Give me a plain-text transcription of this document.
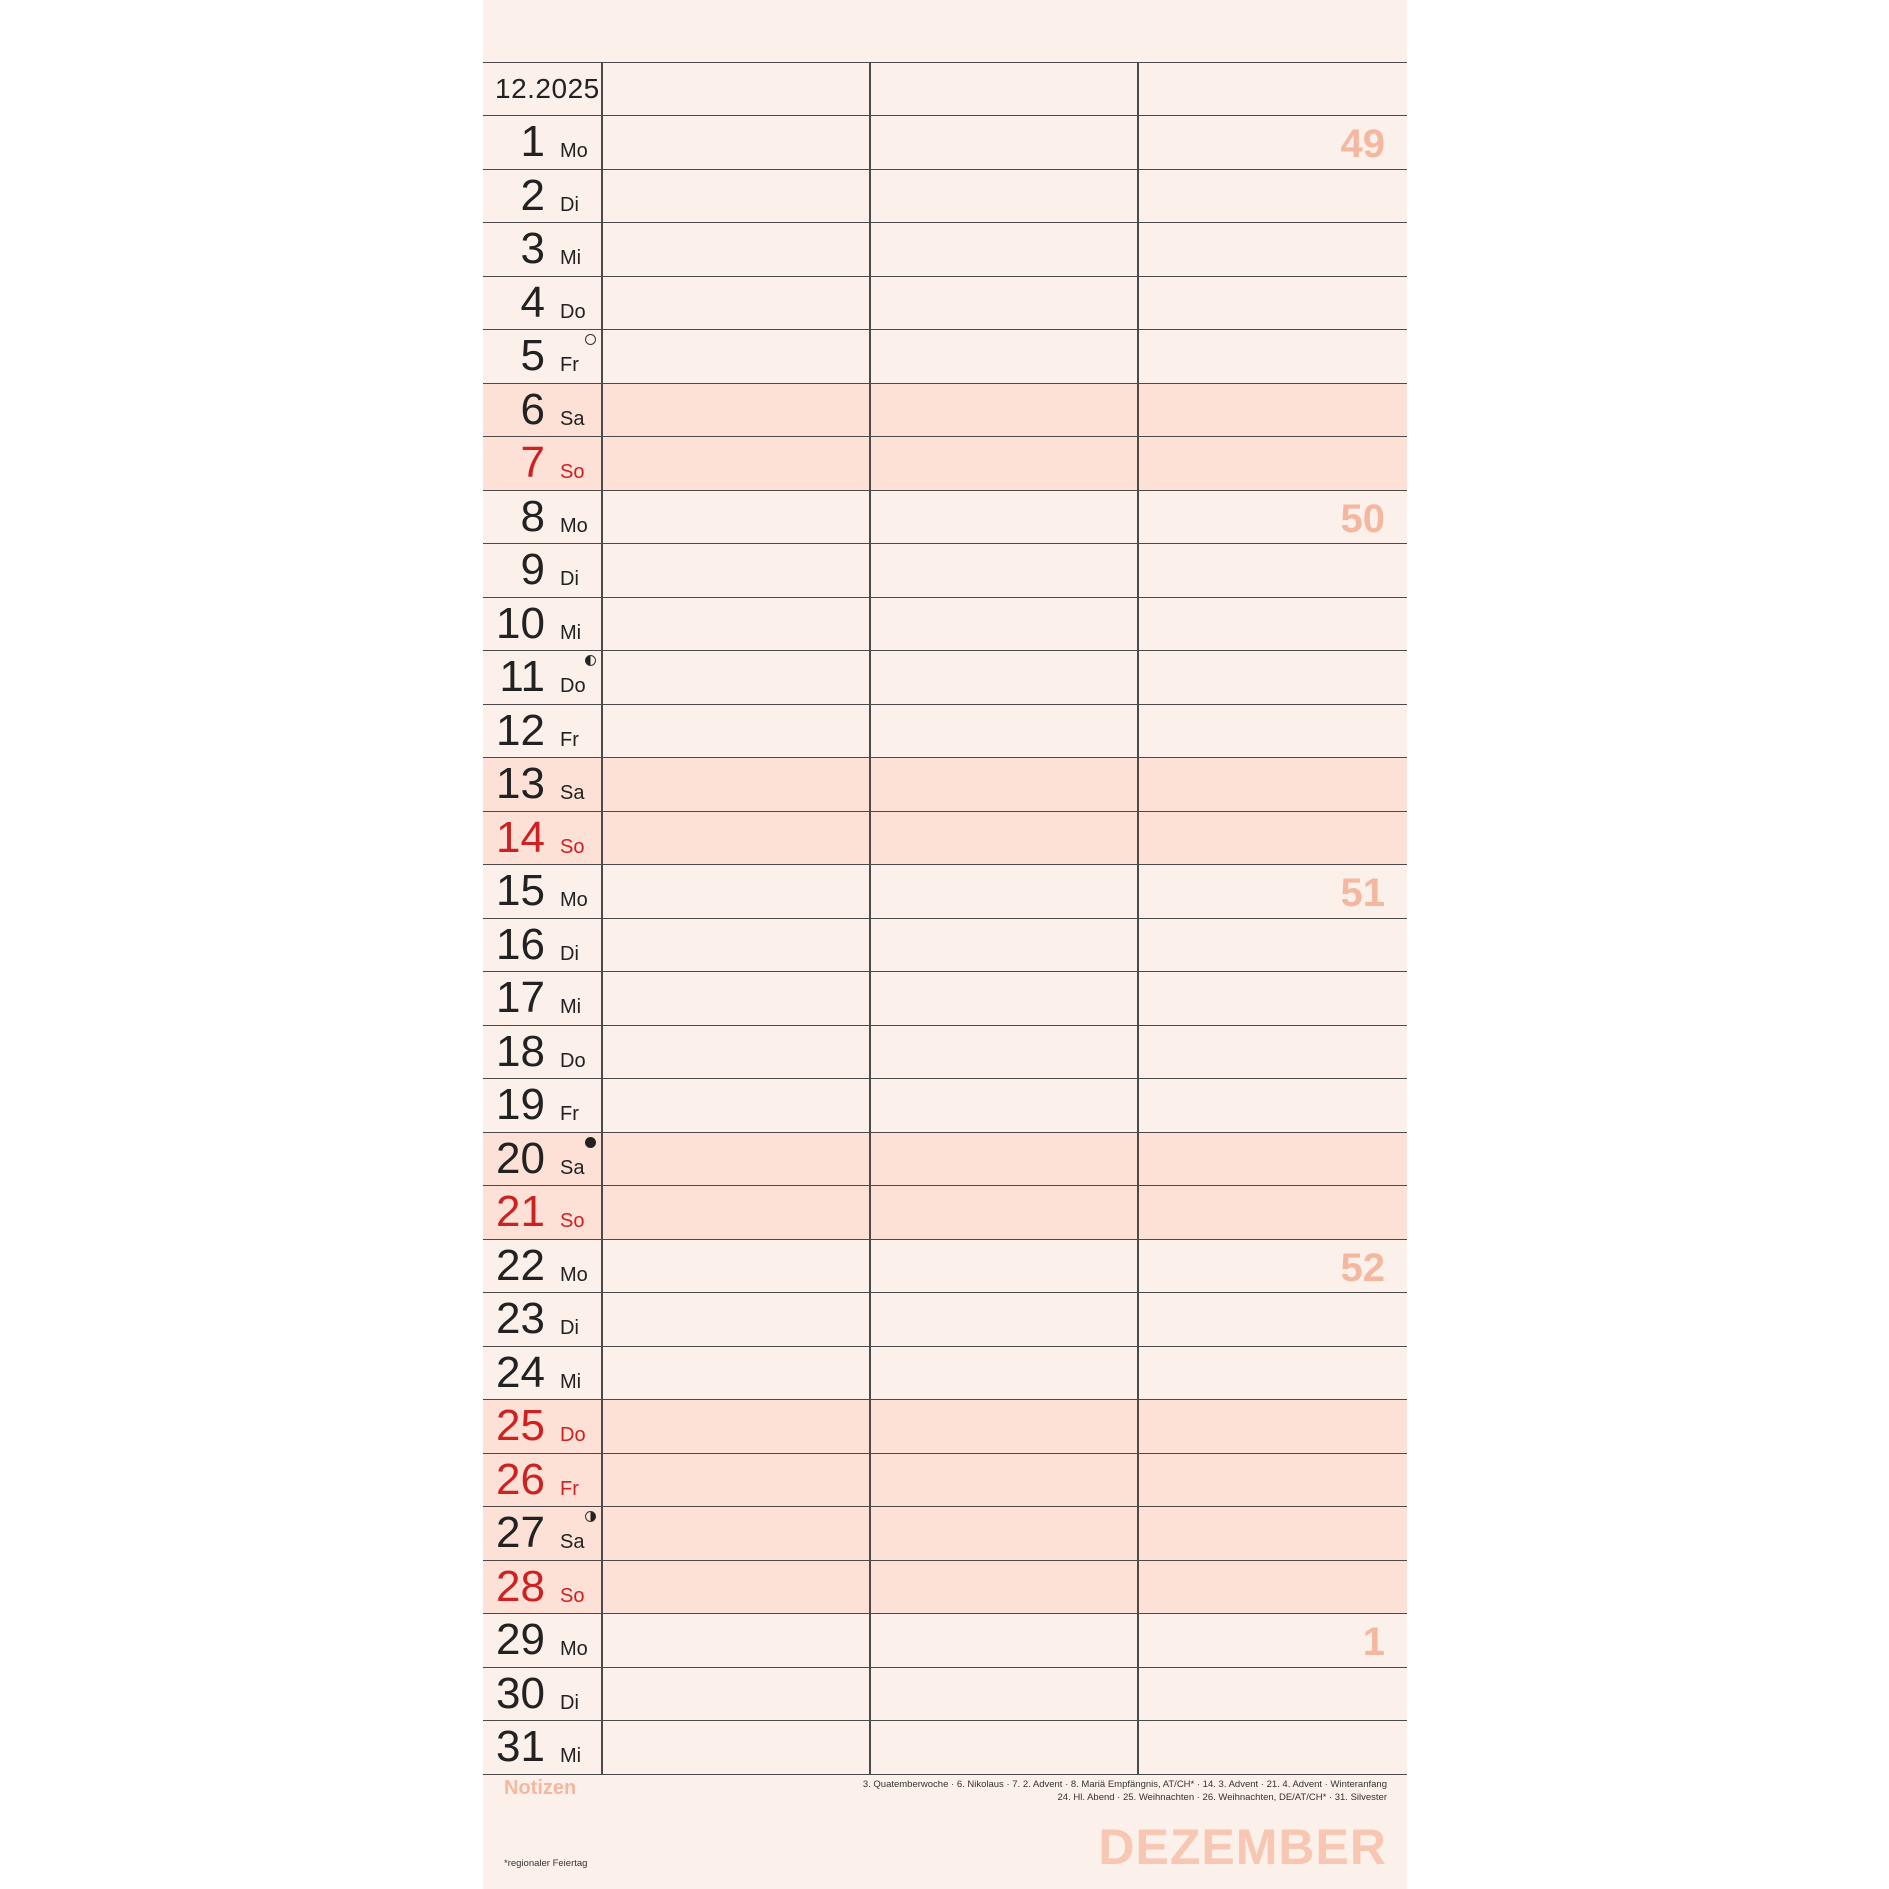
12.2025
1 Mo	49
2 Di
3 Mi
4 Do
5 Fr
6 Sa
7 So
8 Mo	50
9 Di
10 Mi
11 Do
12 Fr
13 Sa
14 So
15 Mo	51
16 Di
17 Mi
18 Do
19 Fr
20 Sa
21 So
22 Mo	52
23 Di
24 Mi
25 Do
26 Fr
27 Sa
28 So
29 Mo	1
30 Di
31 Mi
Notizen	3. Quatemberwoche · 6. Nikolaus · 7. 2. Advent · 8. Mariä Empfängnis, AT/CH* · 14. 3. Advent · 21. 4. Advent · Winteranfang
24. Hl. Abend · 25. Weihnachten · 26. Weihnachten, DE/AT/CH* · 31. Silvester
*regionaler Feiertag	DEZEMBER
